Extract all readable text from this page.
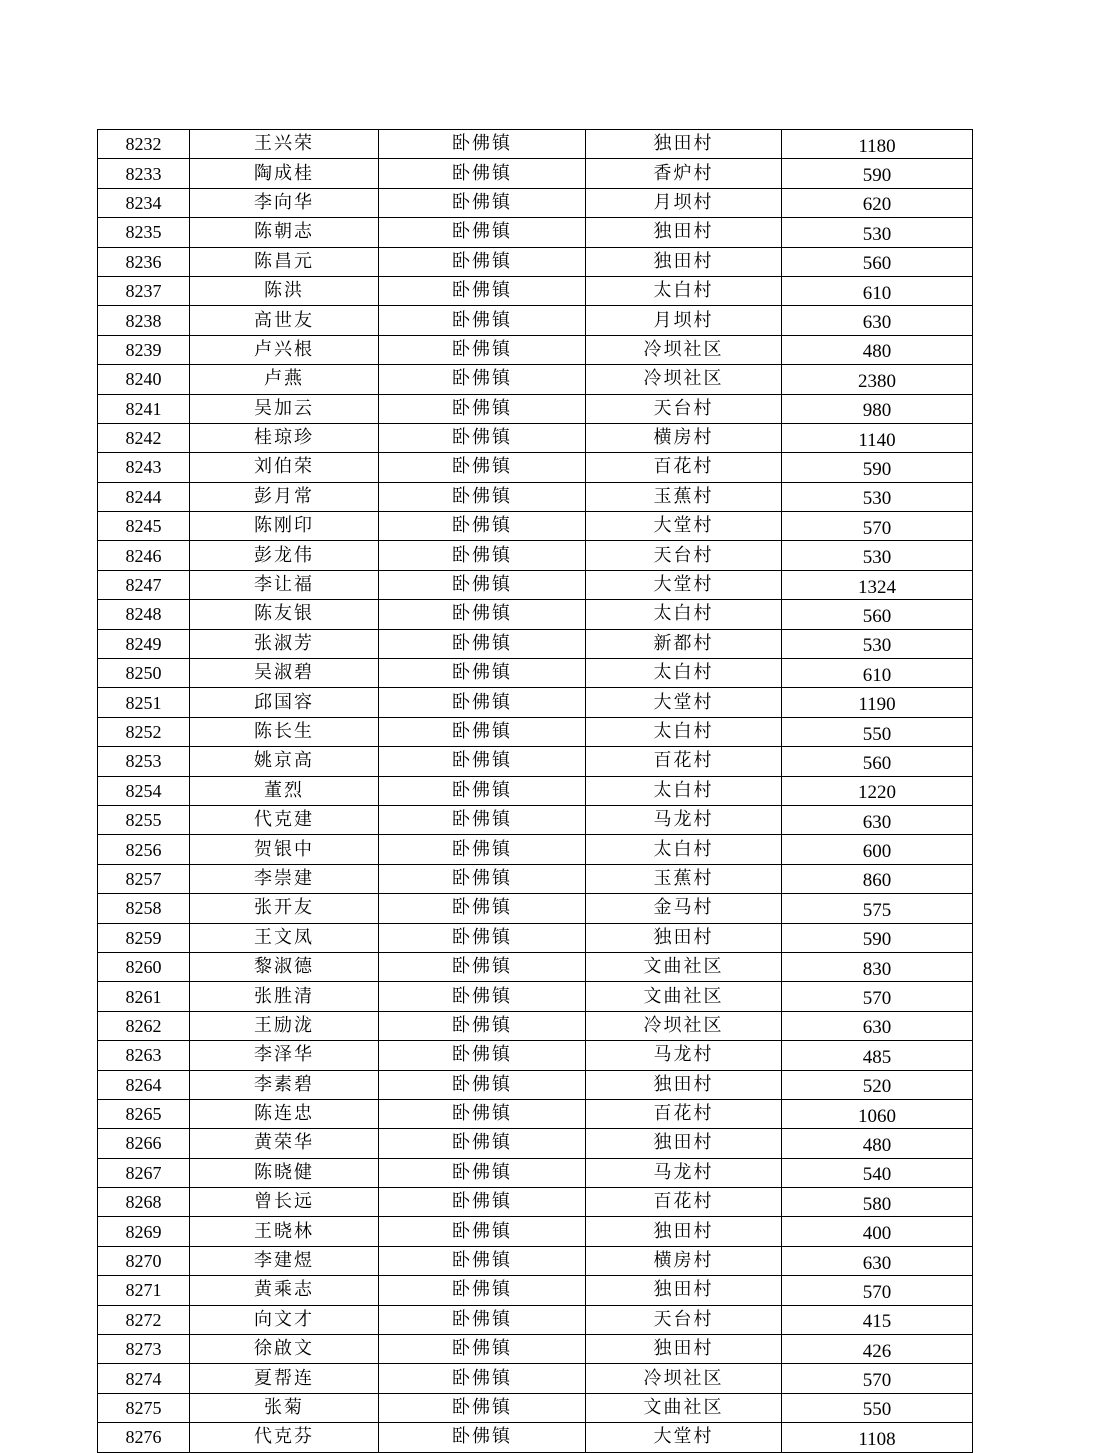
8232	王兴荣	卧佛镇	独田村	1180
8233	陶成桂	卧佛镇	香炉村	590
8234	李向华	卧佛镇	月坝村	620
8235	陈朝志	卧佛镇	独田村	530
8236	陈昌元	卧佛镇	独田村	560
8237	陈洪	卧佛镇	太白村	610
8238	高世友	卧佛镇	月坝村	630
8239	卢兴根	卧佛镇	冷坝社区	480
8240	卢燕	卧佛镇	冷坝社区	2380
8241	吴加云	卧佛镇	天台村	980
8242	桂琼珍	卧佛镇	横房村	1140
8243	刘伯荣	卧佛镇	百花村	590
8244	彭月常	卧佛镇	玉蕉村	530
8245	陈刚印	卧佛镇	大堂村	570
8246	彭龙伟	卧佛镇	天台村	530
8247	李让福	卧佛镇	大堂村	1324
8248	陈友银	卧佛镇	太白村	560
8249	张淑芳	卧佛镇	新都村	530
8250	吴淑碧	卧佛镇	太白村	610
8251	邱国容	卧佛镇	大堂村	1190
8252	陈长生	卧佛镇	太白村	550
8253	姚京高	卧佛镇	百花村	560
8254	董烈	卧佛镇	太白村	1220
8255	代克建	卧佛镇	马龙村	630
8256	贺银中	卧佛镇	太白村	600
8257	李崇建	卧佛镇	玉蕉村	860
8258	张开友	卧佛镇	金马村	575
8259	王文凤	卧佛镇	独田村	590
8260	黎淑德	卧佛镇	文曲社区	830
8261	张胜清	卧佛镇	文曲社区	570
8262	王励泷	卧佛镇	冷坝社区	630
8263	李泽华	卧佛镇	马龙村	485
8264	李素碧	卧佛镇	独田村	520
8265	陈连忠	卧佛镇	百花村	1060
8266	黄荣华	卧佛镇	独田村	480
8267	陈晓健	卧佛镇	马龙村	540
8268	曾长远	卧佛镇	百花村	580
8269	王晓林	卧佛镇	独田村	400
8270	李建煜	卧佛镇	横房村	630
8271	黄乘志	卧佛镇	独田村	570
8272	向文才	卧佛镇	天台村	415
8273	徐啟文	卧佛镇	独田村	426
8274	夏帮连	卧佛镇	冷坝社区	570
8275	张菊	卧佛镇	文曲社区	550
8276	代克芬	卧佛镇	大堂村	1108
